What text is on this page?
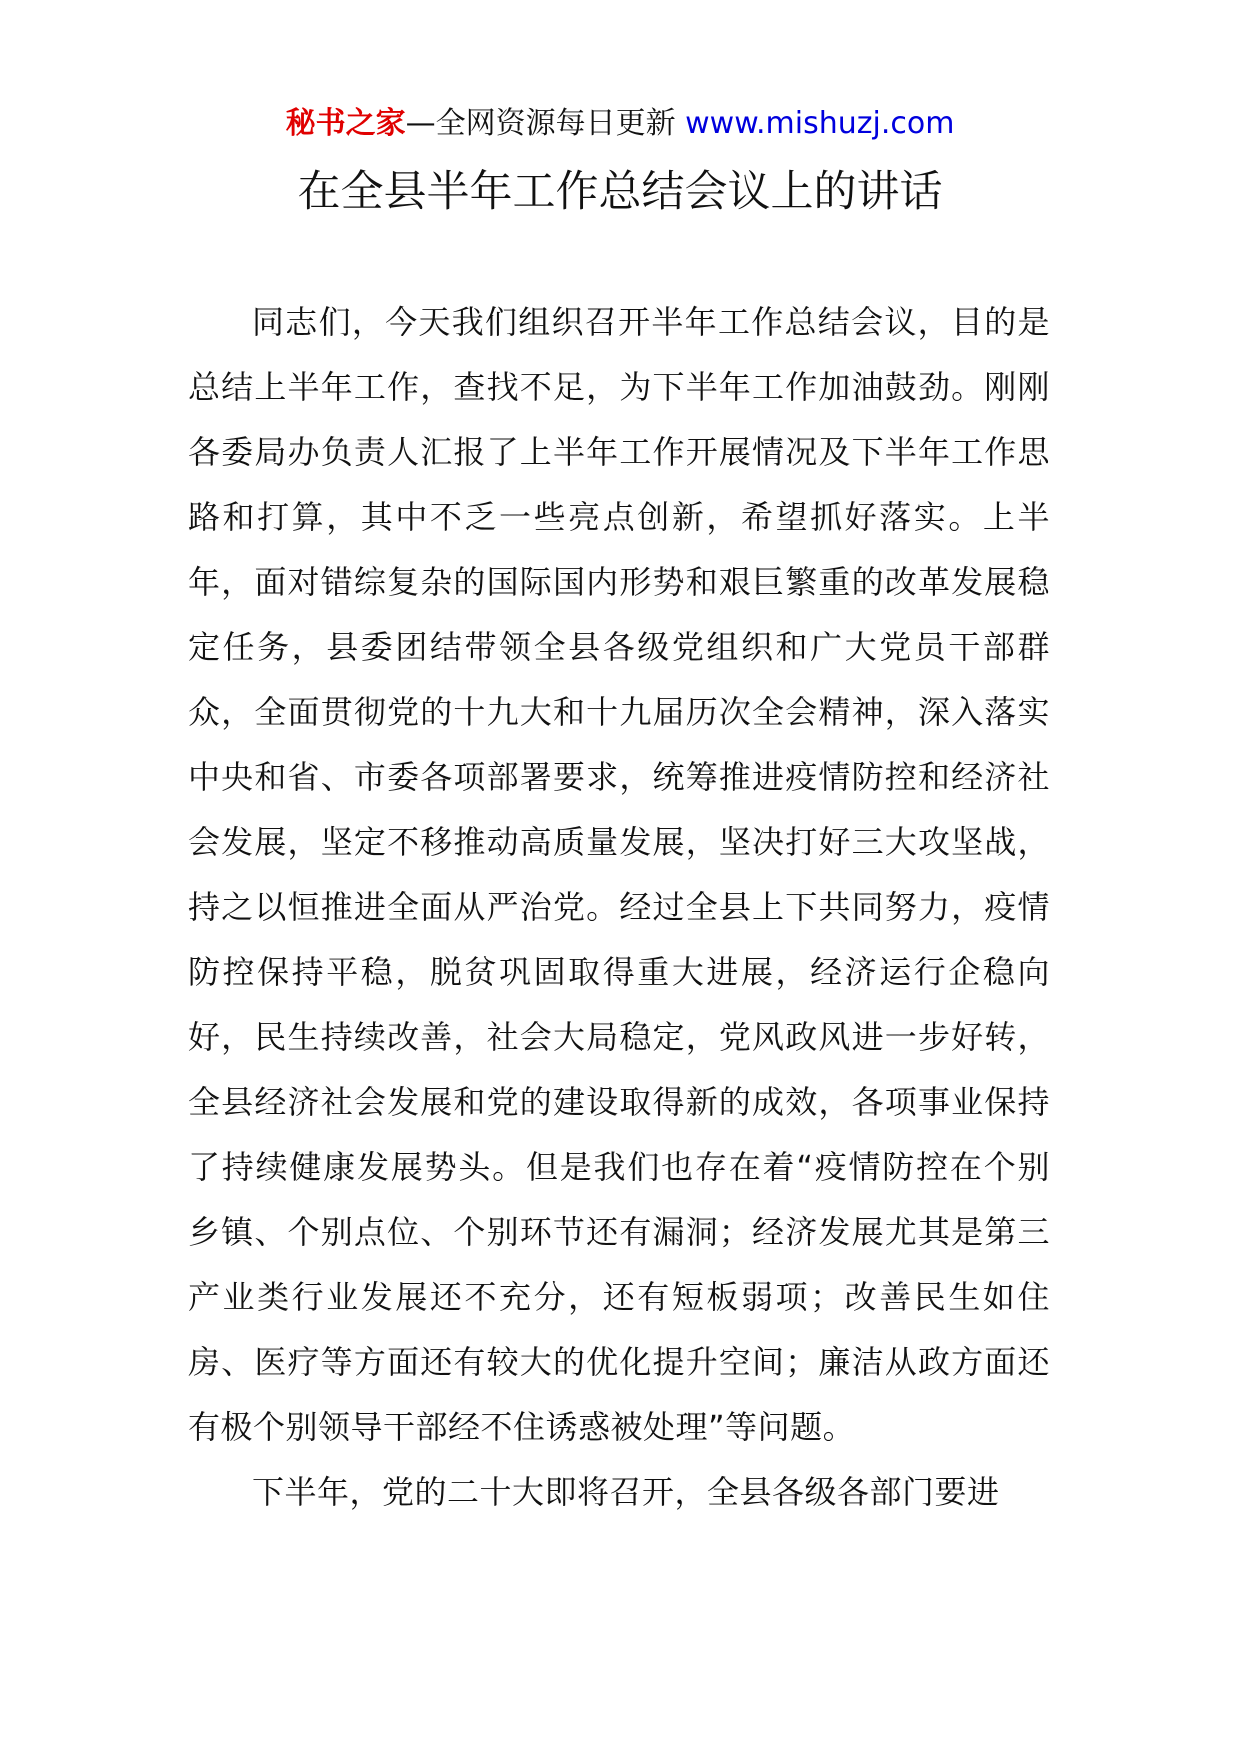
秘书之家—全网资源每日更新 www.mishuzj.com
在全县半年工作总结会议上的讲话

同志们，今天我们组织召开半年工作总结会议，目的是总结上半年工作，查找不足，为下半年工作加油鼓劲。刚刚各委局办负责人汇报了上半年工作开展情况及下半年工作思路和打算，其中不乏一些亮点创新，希望抓好落实。上半年，面对错综复杂的国际国内形势和艰巨繁重的改革发展稳定任务，县委团结带领全县各级党组织和广大党员干部群众，全面贯彻党的十九大和十九届历次全会精神，深入落实中央和省、市委各项部署要求，统筹推进疫情防控和经济社会发展，坚定不移推动高质量发展，坚决打好三大攻坚战，持之以恒推进全面从严治党。经过全县上下共同努力，疫情防控保持平稳，脱贫巩固取得重大进展，经济运行企稳向好，民生持续改善，社会大局稳定，党风政风进一步好转，全县经济社会发展和党的建设取得新的成效，各项事业保持了持续健康发展势头。但是我们也存在着“疫情防控在个别乡镇、个别点位、个别环节还有漏洞；经济发展尤其是第三产业类行业发展还不充分，还有短板弱项；改善民生如住房、医疗等方面还有较大的优化提升空间；廉洁从政方面还有极个别领导干部经不住诱惑被处理”等问题。

下半年，党的二十大即将召开，全县各级各部门要进
